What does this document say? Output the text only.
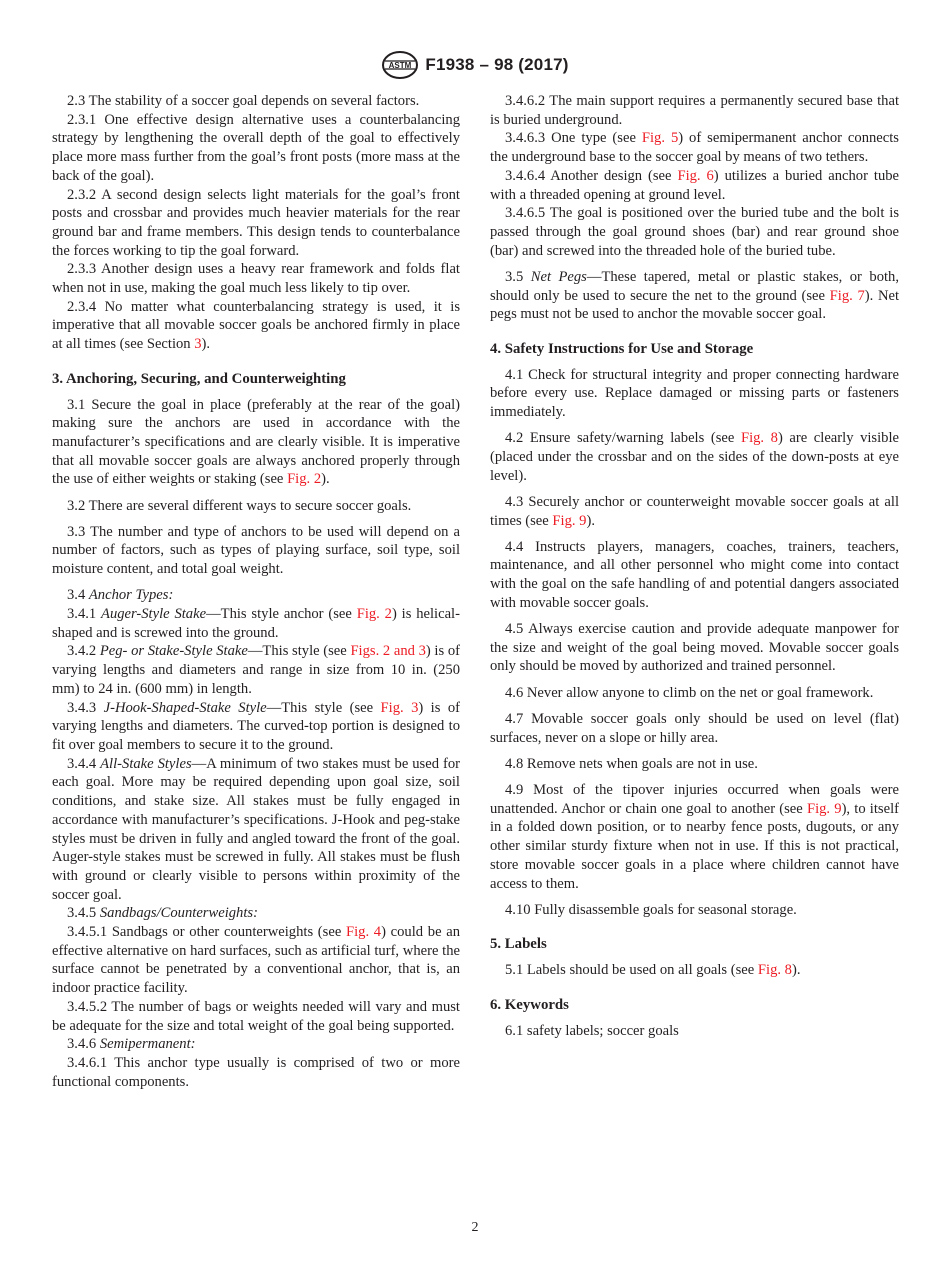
ASTM F1938 – 98 (2017)

2.3 The stability of a soccer goal depends on several factors.

2.3.1 One effective design alternative uses a counterbalancing strategy by lengthening the overall depth of the goal to effectively place more mass further from the goal’s front posts (more mass at the back of the goal).

2.3.2 A second design selects light materials for the goal’s front posts and crossbar and provides much heavier materials for the rear ground bar and frame members. This design tends to counterbalance the forces working to tip the goal forward.

2.3.3 Another design uses a heavy rear framework and folds flat when not in use, making the goal much less likely to tip over.

2.3.4 No matter what counterbalancing strategy is used, it is imperative that all movable soccer goals be anchored firmly in place at all times (see Section 3).

3. Anchoring, Securing, and Counterweighting

3.1 Secure the goal in place (preferably at the rear of the goal) making sure the anchors are used in accordance with the manufacturer’s specifications and are clearly visible. It is imperative that all movable soccer goals are always anchored properly through the use of either weights or staking (see Fig. 2).

3.2 There are several different ways to secure soccer goals.

3.3 The number and type of anchors to be used will depend on a number of factors, such as types of playing surface, soil type, soil moisture content, and total goal weight.

3.4 Anchor Types:

3.4.1 Auger-Style Stake—This style anchor (see Fig. 2) is helical-shaped and is screwed into the ground.

3.4.2 Peg- or Stake-Style Stake—This style (see Figs. 2 and 3) is of varying lengths and diameters and range in size from 10 in. (250 mm) to 24 in. (600 mm) in length.

3.4.3 J-Hook-Shaped-Stake Style—This style (see Fig. 3) is of varying lengths and diameters. The curved-top portion is designed to fit over goal members to secure it to the ground.

3.4.4 All-Stake Styles—A minimum of two stakes must be used for each goal. More may be required depending upon goal size, soil conditions, and stake size. All stakes must be fully engaged in accordance with manufacturer’s specifications. J-Hook and peg-stake styles must be driven in fully and angled toward the front of the goal. Auger-style stakes must be screwed in fully. All stakes must be flush with ground or clearly visible to persons within proximity of the soccer goal.

3.4.5 Sandbags/Counterweights:

3.4.5.1 Sandbags or other counterweights (see Fig. 4) could be an effective alternative on hard surfaces, such as artificial turf, where the surface cannot be penetrated by a conventional anchor, that is, an indoor practice facility.

3.4.5.2 The number of bags or weights needed will vary and must be adequate for the size and total weight of the goal being supported.

3.4.6 Semipermanent:

3.4.6.1 This anchor type usually is comprised of two or more functional components.

3.4.6.2 The main support requires a permanently secured base that is buried underground.

3.4.6.3 One type (see Fig. 5) of semipermanent anchor connects the underground base to the soccer goal by means of two tethers.

3.4.6.4 Another design (see Fig. 6) utilizes a buried anchor tube with a threaded opening at ground level.

3.4.6.5 The goal is positioned over the buried tube and the bolt is passed through the goal ground shoes (bar) and rear ground shoe (bar) and screwed into the threaded hole of the buried tube.

3.5 Net Pegs—These tapered, metal or plastic stakes, or both, should only be used to secure the net to the ground (see Fig. 7). Net pegs must not be used to anchor the movable soccer goal.

4. Safety Instructions for Use and Storage

4.1 Check for structural integrity and proper connecting hardware before every use. Replace damaged or missing parts or fasteners immediately.

4.2 Ensure safety/warning labels (see Fig. 8) are clearly visible (placed under the crossbar and on the sides of the down-posts at eye level).

4.3 Securely anchor or counterweight movable soccer goals at all times (see Fig. 9).

4.4 Instructs players, managers, coaches, trainers, teachers, maintenance, and all other personnel who might come into contact with the goal on the safe handling of and potential dangers associated with movable soccer goals.

4.5 Always exercise caution and provide adequate manpower for the size and weight of the goal being moved. Movable soccer goals only should be moved by authorized and trained personnel.

4.6 Never allow anyone to climb on the net or goal framework.

4.7 Movable soccer goals only should be used on level (flat) surfaces, never on a slope or hilly area.

4.8 Remove nets when goals are not in use.

4.9 Most of the tipover injuries occurred when goals were unattended. Anchor or chain one goal to another (see Fig. 9), to itself in a folded down position, or to nearby fence posts, dugouts, or any other similar sturdy fixture when not in use. If this is not practical, store movable soccer goals in a place where children cannot have access to them.

4.10 Fully disassemble goals for seasonal storage.

5. Labels

5.1 Labels should be used on all goals (see Fig. 8).

6. Keywords

6.1 safety labels; soccer goals

2
